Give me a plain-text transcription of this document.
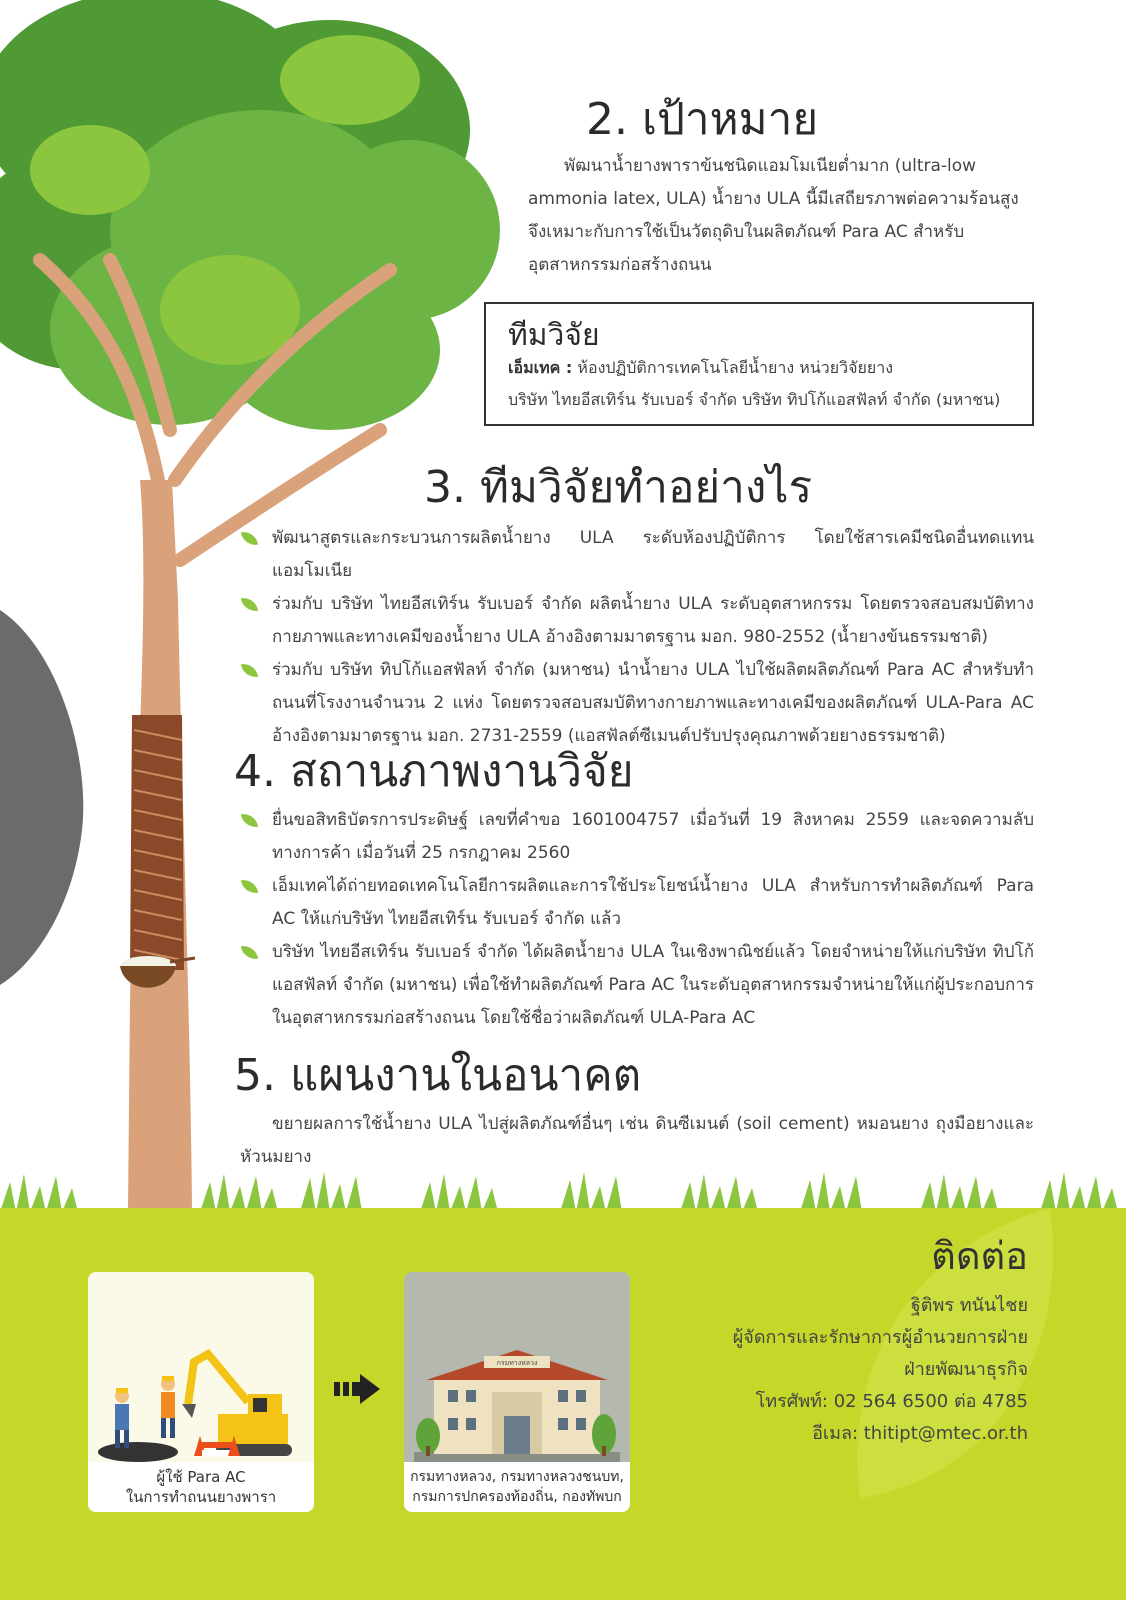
2. เป้าหมาย
พัฒนาน้ำยางพาราข้นชนิดแอมโมเนียต่ำมาก (ultra-low
ammonia latex, ULA) น้ำยาง ULA นี้มีเสถียรภาพต่อความร้อนสูง
จึงเหมาะกับการใช้เป็นวัตถุดิบในผลิตภัณฑ์ Para AC สำหรับ
อุตสาหกรรมก่อสร้างถนน
ทีมวิจัย
เอ็มเทค : ห้องปฏิบัติการเทคโนโลยีน้ำยาง หน่วยวิจัยยาง
บริษัท ไทยอีสเทิร์น รับเบอร์ จำกัด บริษัท ทิปโก้แอสฟัลท์ จำกัด (มหาชน)
3. ทีมวิจัยทำอย่างไร
พัฒนาสูตรและกระบวนการผลิตน้ำยาง ULA ระดับห้องปฏิบัติการ โดยใช้สารเคมีชนิดอื่นทดแทนแอมโมเนีย
ร่วมกับ บริษัท ไทยอีสเทิร์น รับเบอร์ จำกัด ผลิตน้ำยาง ULA ระดับอุตสาหกรรม โดยตรวจสอบสมบัติทางกายภาพและทางเคมีของน้ำยาง ULA อ้างอิงตามมาตรฐาน มอก. 980-2552 (น้ำยางข้นธรรมชาติ)
ร่วมกับ บริษัท ทิปโก้แอสฟัลท์ จำกัด (มหาชน) นำน้ำยาง ULA ไปใช้ผลิตผลิตภัณฑ์ Para AC สำหรับทำถนนที่โรงงานจำนวน 2 แห่ง โดยตรวจสอบสมบัติทางกายภาพและทางเคมีของผลิตภัณฑ์ ULA-Para AC อ้างอิงตามมาตรฐาน มอก. 2731-2559 (แอสฟัลต์ซีเมนต์ปรับปรุงคุณภาพด้วยยางธรรมชาติ)
4. สถานภาพงานวิจัย
ยื่นขอสิทธิบัตรการประดิษฐ์ เลขที่คำขอ 1601004757 เมื่อวันที่ 19 สิงหาคม 2559 และจดความลับทางการค้า เมื่อวันที่ 25 กรกฎาคม 2560
เอ็มเทคได้ถ่ายทอดเทคโนโลยีการผลิตและการใช้ประโยชน์น้ำยาง ULA สำหรับการทำผลิตภัณฑ์ Para AC ให้แก่บริษัท ไทยอีสเทิร์น รับเบอร์ จำกัด แล้ว
บริษัท ไทยอีสเทิร์น รับเบอร์ จำกัด ได้ผลิตน้ำยาง ULA ในเชิงพาณิชย์แล้ว โดยจำหน่ายให้แก่บริษัท ทิปโก้แอสฟัลท์ จำกัด (มหาชน) เพื่อใช้ทำผลิตภัณฑ์ Para AC ในระดับอุตสาหกรรมจำหน่ายให้แก่ผู้ประกอบการในอุตสาหกรรมก่อสร้างถนน โดยใช้ชื่อว่าผลิตภัณฑ์ ULA-Para AC
5. แผนงานในอนาคต
ขยายผลการใช้น้ำยาง ULA ไปสู่ผลิตภัณฑ์อื่นๆ เช่น ดินซีเมนต์ (soil cement) หมอนยาง ถุงมือยางและหัวนมยาง
ผู้ใช้ Para AC
ในการทำถนนยางพารา
กรมทางหลวง
กรมทางหลวง, กรมทางหลวงชนบท,
กรมการปกครองท้องถิ่น, กองทัพบก
ติดต่อ
ฐิติพร ทนันไชย
ผู้จัดการและรักษาการผู้อำนวยการฝ่าย
ฝ่ายพัฒนาธุรกิจ
โทรศัพท์: 02 564 6500 ต่อ 4785
อีเมล: thitipt@mtec.or.th
